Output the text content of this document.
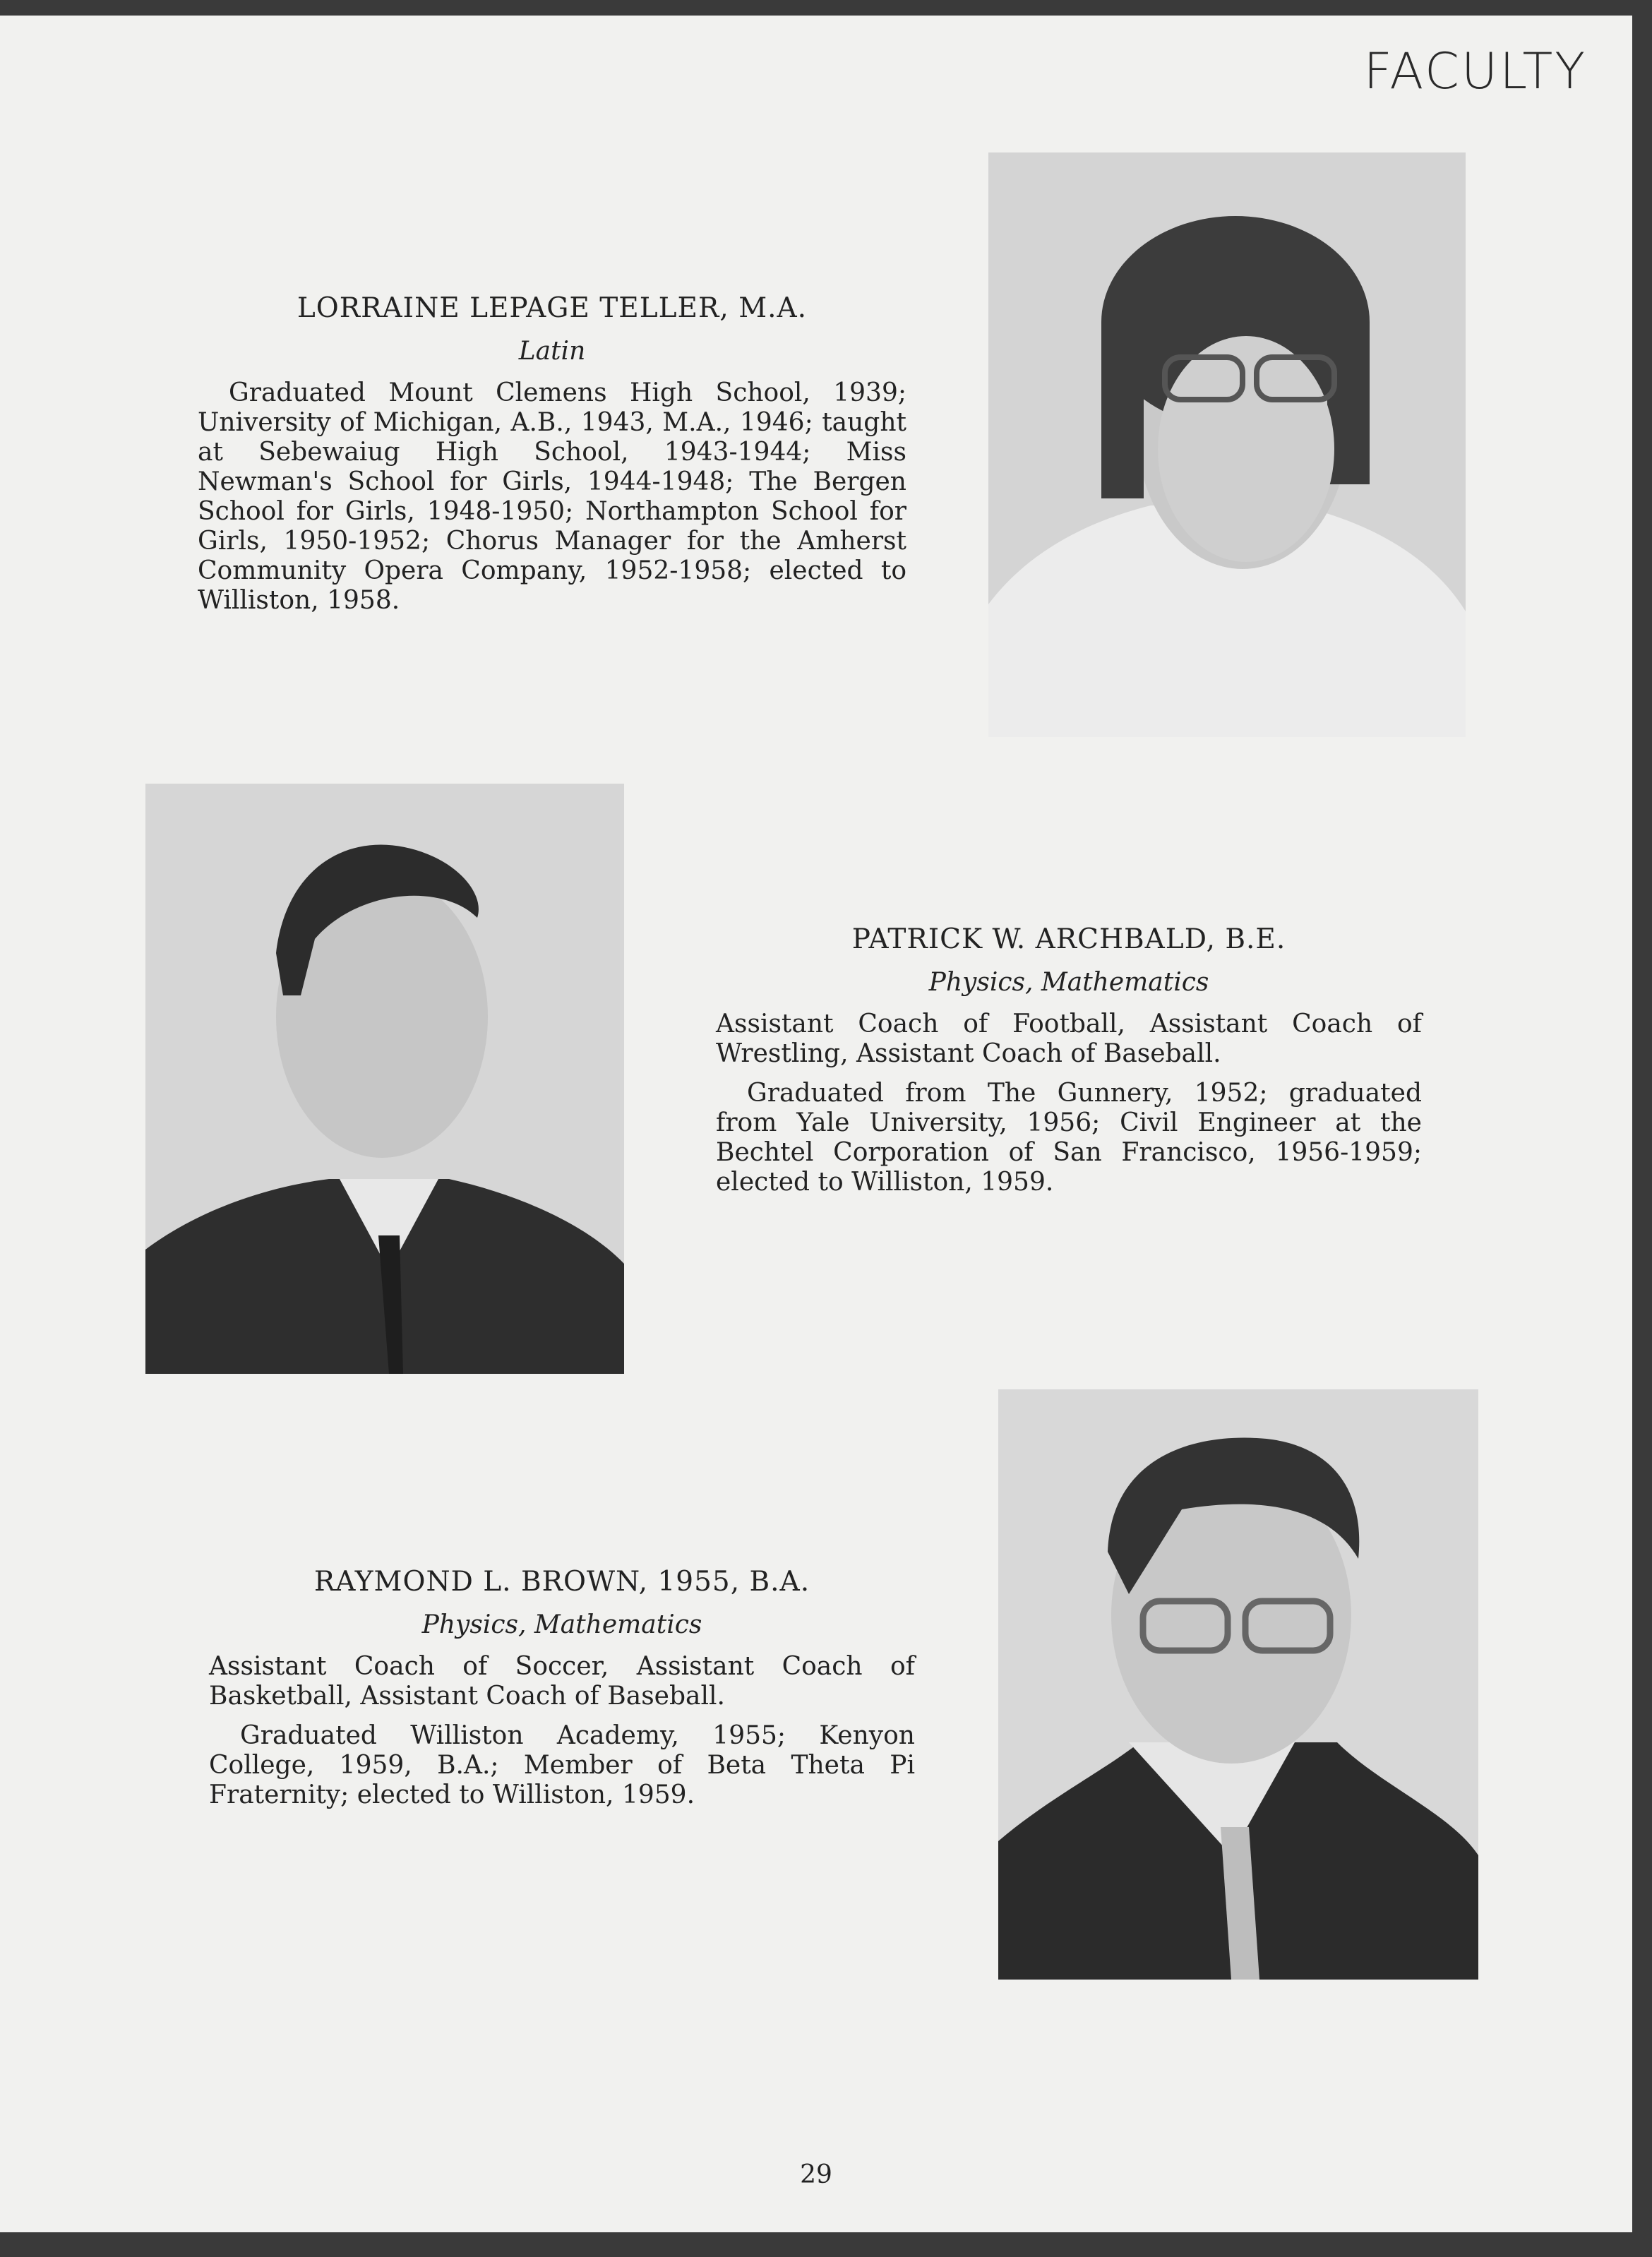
FACULTY
LORRAINE LEPAGE TELLER, M.A.
Latin

Graduated Mount Clemens High School, 1939; University of Michigan, A.B., 1943, M.A., 1946; taught at Sebewaiug High School, 1943-1944; Miss Newman's School for Girls, 1944-1948; The Bergen School for Girls, 1948-1950; Northampton School for Girls, 1950-1952; Chorus Manager for the Amherst Community Opera Company, 1952-1958; elected to Williston, 1958.

PATRICK W. ARCHBALD, B.E.
Physics, Mathematics

Assistant Coach of Football, Assistant Coach of Wrestling, Assistant Coach of Baseball.

Graduated from The Gunnery, 1952; graduated from Yale University, 1956; Civil Engineer at the Bechtel Corporation of San Francisco, 1956-1959; elected to Williston, 1959.

RAYMOND L. BROWN, 1955, B.A.
Physics, Mathematics

Assistant Coach of Soccer, Assistant Coach of Basketball, Assistant Coach of Baseball.

Graduated Williston Academy, 1955; Kenyon College, 1959, B.A.; Member of Beta Theta Pi Fraternity; elected to Williston, 1959.

29
